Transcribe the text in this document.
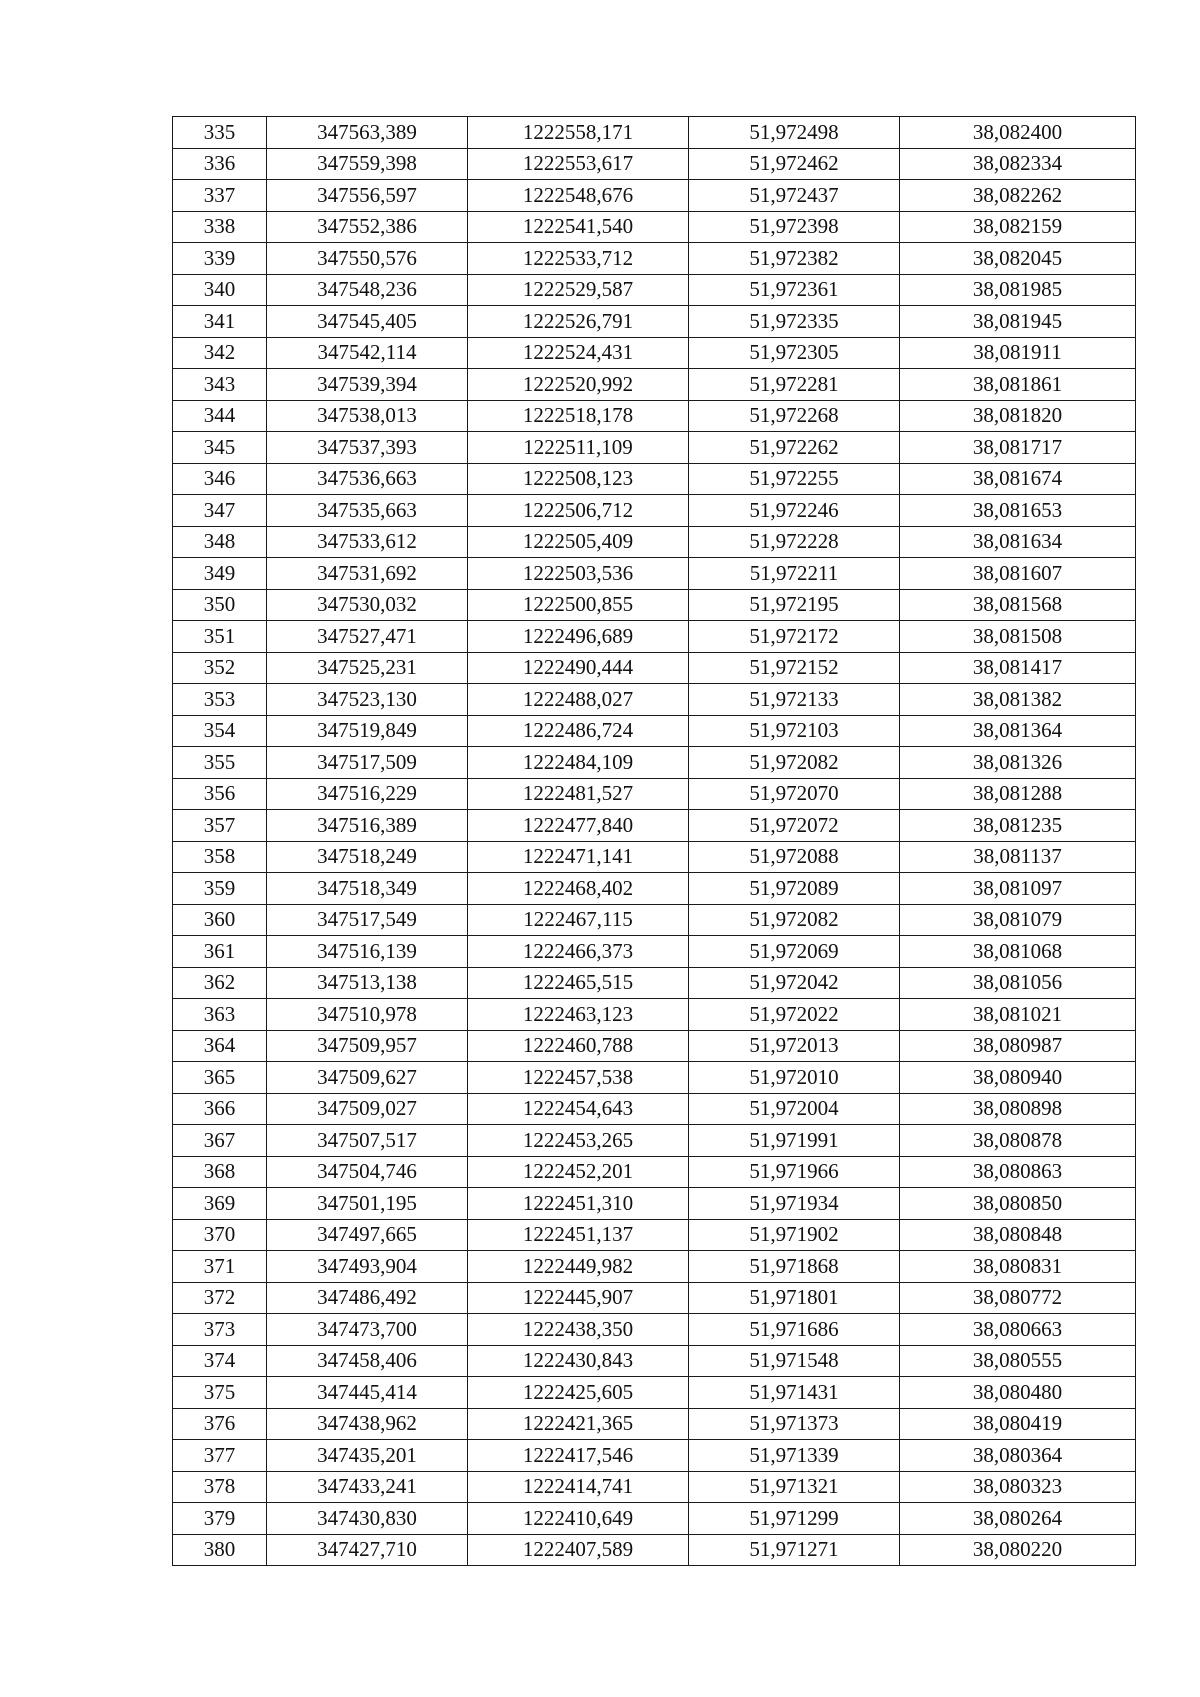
335	347563,389	1222558,171	51,972498	38,082400
336	347559,398	1222553,617	51,972462	38,082334
337	347556,597	1222548,676	51,972437	38,082262
338	347552,386	1222541,540	51,972398	38,082159
339	347550,576	1222533,712	51,972382	38,082045
340	347548,236	1222529,587	51,972361	38,081985
341	347545,405	1222526,791	51,972335	38,081945
342	347542,114	1222524,431	51,972305	38,081911
343	347539,394	1222520,992	51,972281	38,081861
344	347538,013	1222518,178	51,972268	38,081820
345	347537,393	1222511,109	51,972262	38,081717
346	347536,663	1222508,123	51,972255	38,081674
347	347535,663	1222506,712	51,972246	38,081653
348	347533,612	1222505,409	51,972228	38,081634
349	347531,692	1222503,536	51,972211	38,081607
350	347530,032	1222500,855	51,972195	38,081568
351	347527,471	1222496,689	51,972172	38,081508
352	347525,231	1222490,444	51,972152	38,081417
353	347523,130	1222488,027	51,972133	38,081382
354	347519,849	1222486,724	51,972103	38,081364
355	347517,509	1222484,109	51,972082	38,081326
356	347516,229	1222481,527	51,972070	38,081288
357	347516,389	1222477,840	51,972072	38,081235
358	347518,249	1222471,141	51,972088	38,081137
359	347518,349	1222468,402	51,972089	38,081097
360	347517,549	1222467,115	51,972082	38,081079
361	347516,139	1222466,373	51,972069	38,081068
362	347513,138	1222465,515	51,972042	38,081056
363	347510,978	1222463,123	51,972022	38,081021
364	347509,957	1222460,788	51,972013	38,080987
365	347509,627	1222457,538	51,972010	38,080940
366	347509,027	1222454,643	51,972004	38,080898
367	347507,517	1222453,265	51,971991	38,080878
368	347504,746	1222452,201	51,971966	38,080863
369	347501,195	1222451,310	51,971934	38,080850
370	347497,665	1222451,137	51,971902	38,080848
371	347493,904	1222449,982	51,971868	38,080831
372	347486,492	1222445,907	51,971801	38,080772
373	347473,700	1222438,350	51,971686	38,080663
374	347458,406	1222430,843	51,971548	38,080555
375	347445,414	1222425,605	51,971431	38,080480
376	347438,962	1222421,365	51,971373	38,080419
377	347435,201	1222417,546	51,971339	38,080364
378	347433,241	1222414,741	51,971321	38,080323
379	347430,830	1222410,649	51,971299	38,080264
380	347427,710	1222407,589	51,971271	38,080220
